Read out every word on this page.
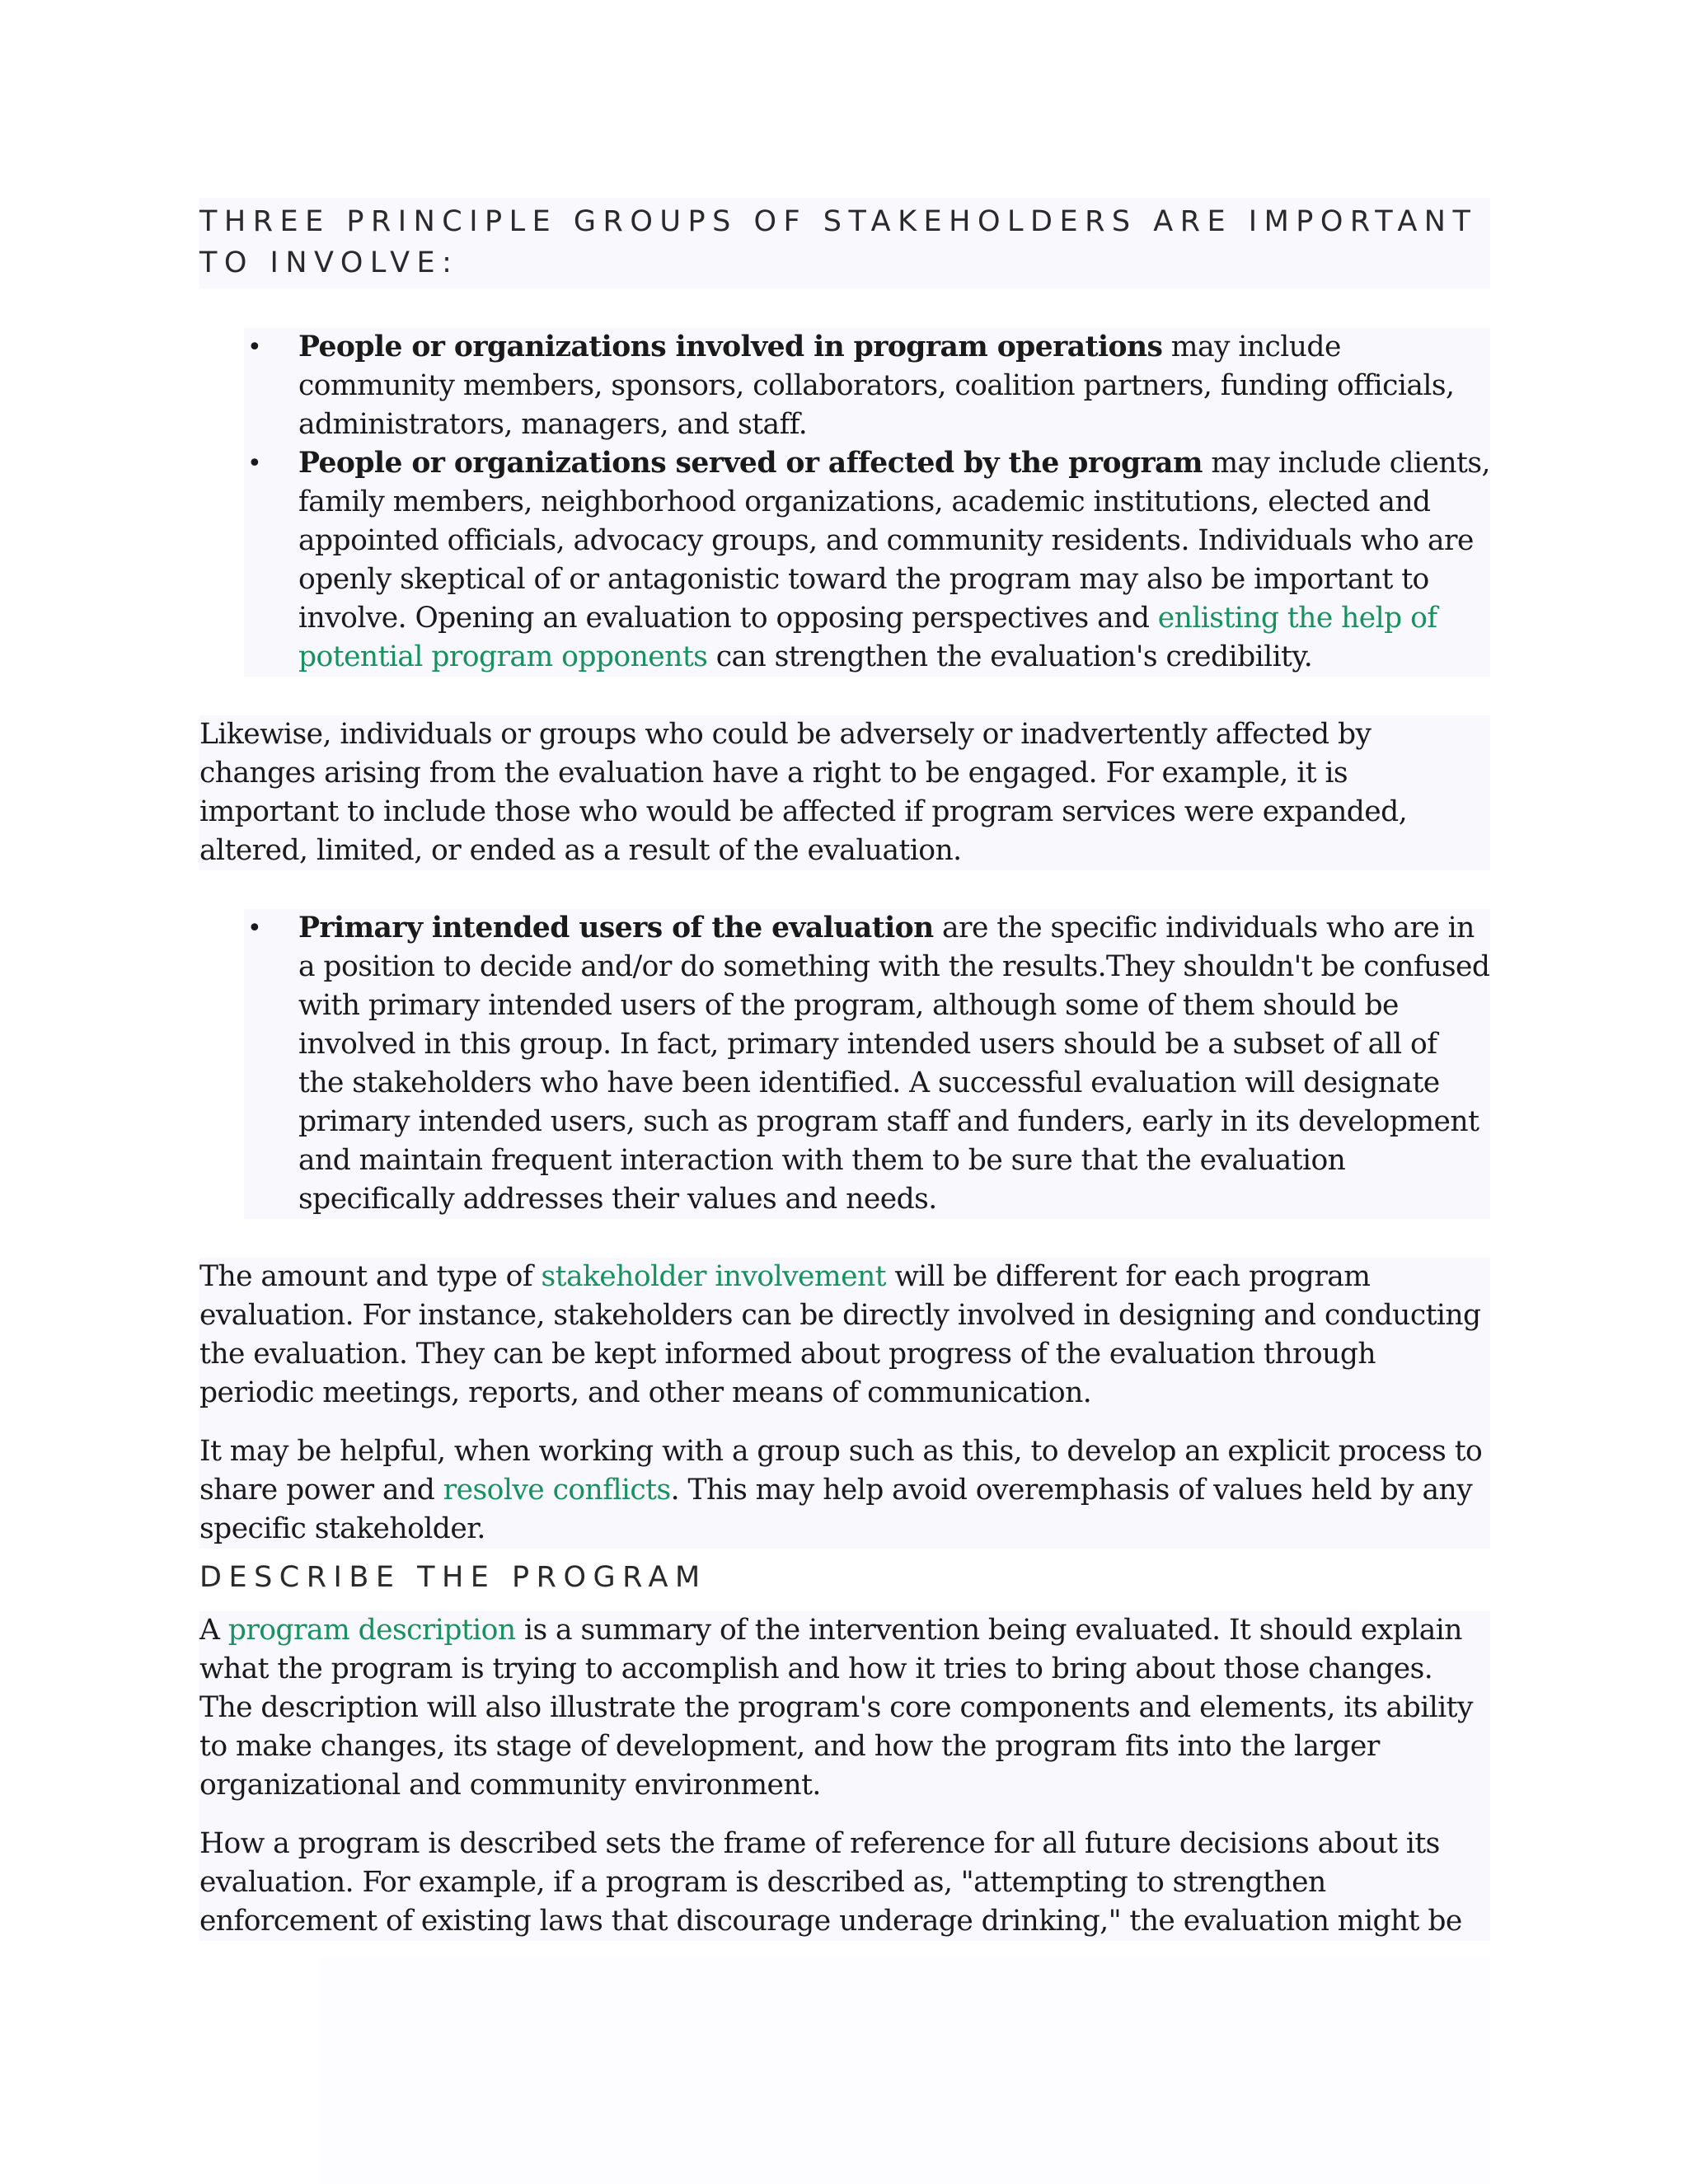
THREE PRINCIPLE GROUPS OF STAKEHOLDERS ARE IMPORTANT TO INVOLVE:
• People or organizations involved in program operations may include community members, sponsors, collaborators, coalition partners, funding officials, administrators, managers, and staff.
• People or organizations served or affected by the program may include clients, family members, neighborhood organizations, academic institutions, elected and appointed officials, advocacy groups, and community residents. Individuals who are openly skeptical of or antagonistic toward the program may also be important to involve. Opening an evaluation to opposing perspectives and enlisting the help of potential program opponents can strengthen the evaluation's credibility.

Likewise, individuals or groups who could be adversely or inadvertently affected by changes arising from the evaluation have a right to be engaged. For example, it is important to include those who would be affected if program services were expanded, altered, limited, or ended as a result of the evaluation.

• Primary intended users of the evaluation are the specific individuals who are in a position to decide and/or do something with the results.They shouldn't be confused with primary intended users of the program, although some of them should be involved in this group. In fact, primary intended users should be a subset of all of the stakeholders who have been identified. A successful evaluation will designate primary intended users, such as program staff and funders, early in its development and maintain frequent interaction with them to be sure that the evaluation specifically addresses their values and needs.

The amount and type of stakeholder involvement will be different for each program evaluation. For instance, stakeholders can be directly involved in designing and conducting the evaluation. They can be kept informed about progress of the evaluation through periodic meetings, reports, and other means of communication.

It may be helpful, when working with a group such as this, to develop an explicit process to share power and resolve conflicts. This may help avoid overemphasis of values held by any specific stakeholder.

DESCRIBE THE PROGRAM

A program description is a summary of the intervention being evaluated. It should explain what the program is trying to accomplish and how it tries to bring about those changes. The description will also illustrate the program's core components and elements, its ability to make changes, its stage of development, and how the program fits into the larger organizational and community environment.

How a program is described sets the frame of reference for all future decisions about its evaluation. For example, if a program is described as, "attempting to strengthen enforcement of existing laws that discourage underage drinking," the evaluation might be
